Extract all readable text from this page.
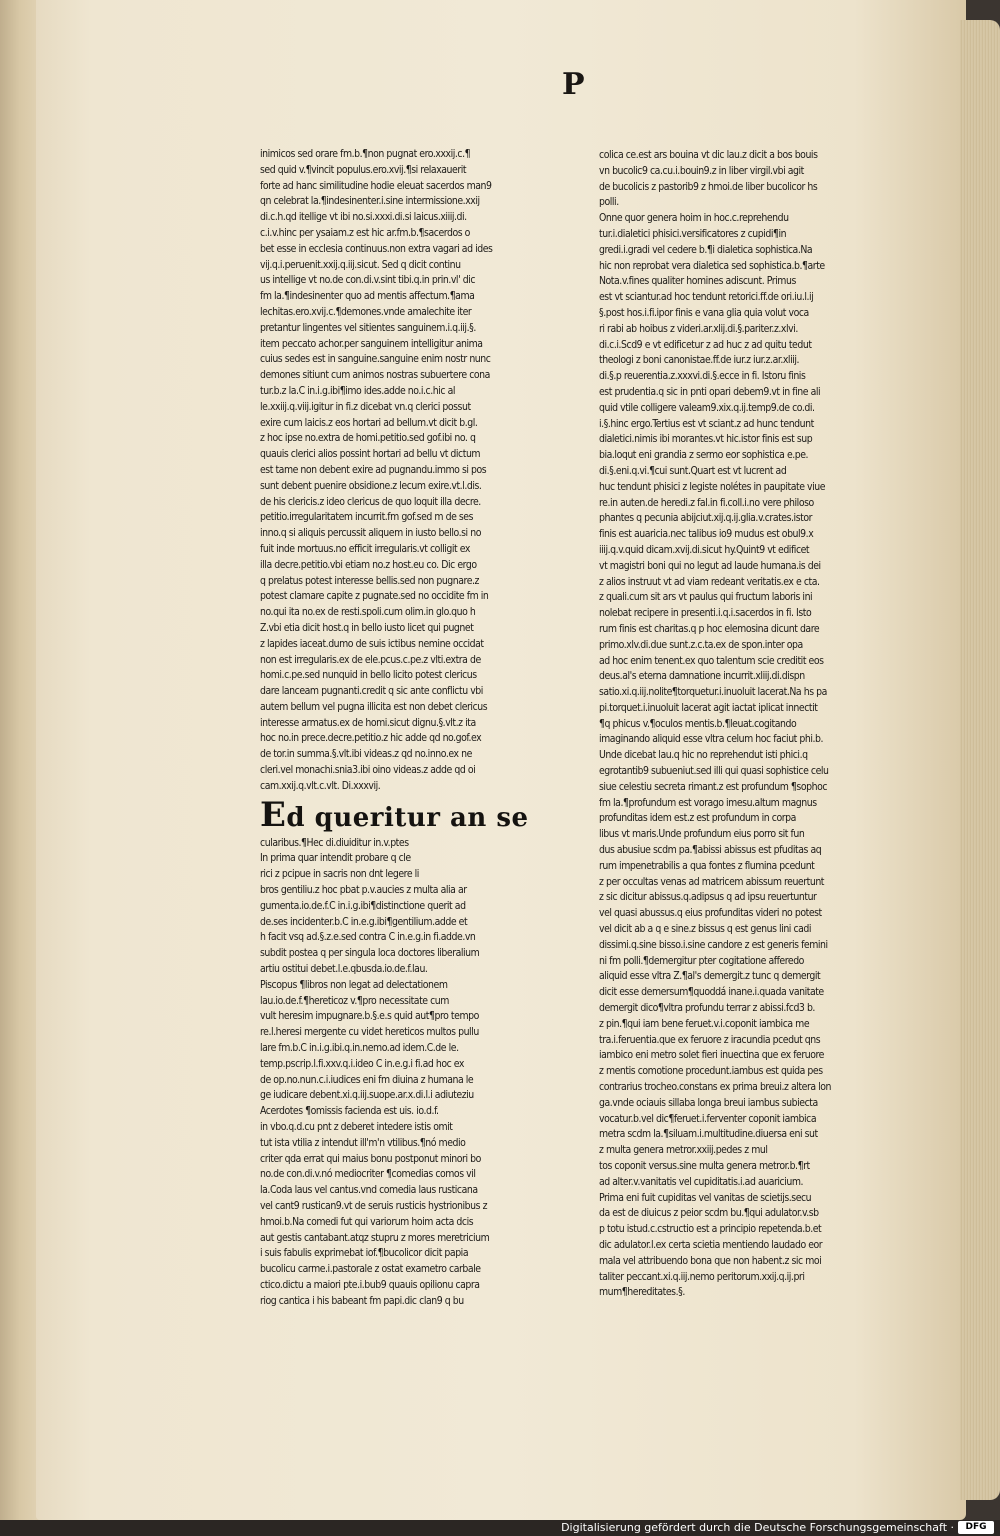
P

inimicos sed orare fm.b.¶non pugnat ero.xxxij.c.¶

sed quid v.¶vincit populus.ero.xvij.¶si relaxauerit

forte ad hanc similitudine hodie eleuat sacerdos man9

qn celebrat la.¶indesinenter.i.sine intermissione.xxij

di.c.h.qd itellige vt ibi no.si.xxxi.di.si laicus.xiiij.di.

c.i.v.hinc per ysaiam.z est hic ar.fm.b.¶sacerdos o

bet esse in ecclesia continuus.non extra vagari ad ides

vij.q.i.peruenit.xxij.q.iij.sicut. Sed q dicit continu

us intellige vt no.de con.di.v.sint tibi.q.in prin.vl' dic

fm la.¶indesinenter quo ad mentis affectum.¶ama

lechitas.ero.xvij.c.¶demones.vnde amalechite iter

pretantur lingentes vel sitientes sanguinem.i.q.iij.§.

item peccato achor.per sanguinem intelligitur anima

cuius sedes est in sanguine.sanguine enim nostr nunc

demones sitiunt cum animos nostras subuertere cona

tur.b.z la.C in.i.g.ibi¶imo ides.adde no.i.c.hic al

le.xxiij.q.viij.igitur in fi.z dicebat vn.q clerici possut

exire cum laicis.z eos hortari ad bellum.vt dicit b.gl.

z hoc ipse no.extra de homi.petitio.sed gof.ibi no. q

quauis clerici alios possint hortari ad bellu vt dictum

est tame non debent exire ad pugnandu.immo si pos

sunt debent puenire obsidione.z lecum exire.vt.l.dis.

de his clericis.z ideo clericus de quo loquit illa decre.

petitio.irregularitatem incurrit.fm gof.sed m de ses

inno.q si aliquis percussit aliquem in iusto bello.si no

fuit inde mortuus.no efficit irregularis.vt colligit ex

illa decre.petitio.vbi etiam no.z host.eu co. Dic ergo

q prelatus potest interesse bellis.sed non pugnare.z

potest clamare capite z pugnate.sed no occidite fm in

no.qui ita no.ex de resti.spoli.cum olim.in glo.quo h

Z.vbi etia dicit host.q in bello iusto licet qui pugnet

z lapides iaceat.dumo de suis ictibus nemine occidat

non est irregularis.ex de ele.pcus.c.pe.z vlti.extra de

homi.c.pe.sed nunquid in bello licito potest clericus

dare lanceam pugnanti.credit q sic ante conflictu vbi

autem bellum vel pugna illicita est non debet clericus

interesse armatus.ex de homi.sicut dignu.§.vlt.z ita

hoc no.in prece.decre.petitio.z hic adde qd no.gof.ex

de tor.in summa.§.vlt.ibi videas.z qd no.inno.ex ne

cleri.vel monachi.snia3.ibi oino videas.z adde qd oi

cam.xxij.q.vlt.c.vlt. Di.xxxvij.

Ed queritur an se

cularibus.¶Hec di.diuiditur in.v.ptes

In prima quar intendit probare q cle

rici z pcipue in sacris non dnt legere li

bros gentiliu.z hoc pbat p.v.aucies z multa alia ar

gumenta.io.de.f.C in.i.g.ibi¶distinctione querit ad

de.ses incidenter.b.C in.e.g.ibi¶gentilium.adde et

h facit vsq ad.§.z.e.sed contra C in.e.g.in fi.adde.vn

subdit postea q per singula loca doctores liberalium

artiu ostitui debet.l.e.qbusda.io.de.f.lau.

Piscopus ¶libros non legat ad delectationem

lau.io.de.f.¶hereticoz v.¶pro necessitate cum

vult heresim impugnare.b.§.e.s quid aut¶pro tempo

re.l.heresi mergente cu videt hereticos multos pullu

lare fm.b.C in.i.g.ibi.q.in.nemo.ad idem.C.de le.

temp.pscrip.l.fi.xxv.q.i.ideo C in.e.g.i fi.ad hoc ex

de op.no.nun.c.i.iudices eni fm diuina z humana le

ge iudicare debent.xi.q.iij.suope.ar.x.di.l.i adiuteziu

Acerdotes ¶omissis facienda est uis. io.d.f.

in vbo.q.d.cu pnt z deberet intedere istis omit

tut ista vtilia z intendut ill'm'n vtilibus.¶nó medio

criter qda errat qui maius bonu postponut minori bo

no.de con.di.v.nó mediocriter ¶comedias comos vil

la.Coda laus vel cantus.vnd comedia laus rusticana

vel cant9 rustican9.vt de seruis rusticis hystrionibus z

hmoi.b.Na comedi fut qui variorum hoim acta dcis

aut gestis cantabant.atqz stupru z mores meretricium

i suis fabulis exprimebat iof.¶bucolicor dicit papia

bucolicu carme.i.pastorale z ostat exametro carbale

ctico.dictu a maiori pte.i.bub9 quauis opilionu capra

riog cantica i his babeant fm papi.dic clan9 q bu

colica ce.est ars bouina vt dic lau.z dicit a bos bouis

vn bucolic9 ca.cu.i.bouin9.z in liber virgil.vbi agit

de bucolicis z pastorib9 z hmoi.de liber bucolicor hs

polli.

Onne quor genera hoim in hoc.c.reprehendu

tur.i.dialetici phisici.versificatores z cupidi¶in

gredi.i.gradi vel cedere b.¶i dialetica sophistica.Na

hic non reprobat vera dialetica sed sophistica.b.¶arte

Nota.v.fines qualiter homines adiscunt. Primus

est vt sciantur.ad hoc tendunt retorici.ff.de ori.iu.l.ij

§.post hos.i.fi.ipor finis e vana glia quia volut voca

ri rabi ab hoibus z videri.ar.xlij.di.§.pariter.z.xlvi.

di.c.i.Scd9 e vt edificetur z ad huc z ad quitu tedut

theologi z boni canonistae.ff.de iur.z iur.z.ar.xliij.

di.§.p reuerentia.z.xxxvi.di.§.ecce in fi. Istoru finis

est prudentia.q sic in pnti opari debem9.vt in fine ali

quid vtile colligere valeam9.xix.q.ij.temp9.de co.di.

i.§.hinc ergo.Tertius est vt sciant.z ad hunc tendunt

dialetici.nimis ibi morantes.vt hic.istor finis est sup

bia.loqut eni grandia z sermo eor sophistica e.pe.

di.§.eni.q.vi.¶cui sunt.Quart est vt lucrent ad

huc tendunt phisici z legiste nolétes in paupitate viue

re.in auten.de heredi.z fal.in fi.coll.i.no vere philoso

phantes q pecunia abijciut.xij.q.ij.glia.v.crates.istor

finis est auaricia.nec talibus io9 mudus est obul9.x

iiij.q.v.quid dicam.xvij.di.sicut hy.Quint9 vt edificet

vt magistri boni qui no legut ad laude humana.is dei

z alios instruut vt ad viam redeant veritatis.ex e cta.

z quali.cum sit ars vt paulus qui fructum laboris ini

nolebat recipere in presenti.i.q.i.sacerdos in fi. Isto

rum finis est charitas.q p hoc elemosina dicunt dare

primo.xlv.di.due sunt.z.c.ta.ex de spon.inter opa

ad hoc enim tenent.ex quo talentum scie creditit eos

deus.al's eterna damnatione incurrit.xliij.di.dispn

satio.xi.q.iij.nolite¶torquetur.i.inuoluit lacerat.Na hs pa

pi.torquet.i.inuoluit lacerat agit iactat iplicat innectit

¶q phicus v.¶oculos mentis.b.¶leuat.cogitando

imaginando aliquid esse vltra celum hoc faciut phi.b.

Unde dicebat lau.q hic no reprehendut isti phici.q

egrotantib9 subueniut.sed illi qui quasi sophistice celu

siue celestiu secreta rimant.z est profundum ¶sophoc

fm la.¶profundum est vorago imesu.altum magnus

profunditas idem est.z est profundum in corpa

libus vt maris.Unde profundum eius porro sit fun

dus abusiue scdm pa.¶abissi abissus est pfuditas aq

rum impenetrabilis a qua fontes z flumina pcedunt

z per occultas venas ad matricem abissum reuertunt

z sic dicitur abissus.q.adipsus q ad ipsu reuertuntur

vel quasi abussus.q eius profunditas videri no potest

vel dicit ab a q e sine.z bissus q est genus lini cadi

dissimi.q.sine bisso.i.sine candore z est generis femini

ni fm polli.¶demergitur pter cogitatione afferedo

aliquid esse vltra Z.¶al's demergit.z tunc q demergit

dicit esse demersum¶quoddá inane.i.quada vanitate

demergit dico¶vltra profundu terrar z abissi.fcd3 b.

z pin.¶qui iam bene feruet.v.i.coponit iambica me

tra.i.feruentia.que ex feruore z iracundia pcedut qns

iambico eni metro solet fieri inuectina que ex feruore

z mentis comotione procedunt.iambus est quida pes

contrarius trocheo.constans ex prima breui.z altera lon

ga.vnde ociauis sillaba longa breui iambus subiecta

vocatur.b.vel dic¶feruet.i.ferventer coponit iambica

metra scdm la.¶siluam.i.multitudine.diuersa eni sut

z multa genera metror.xxiij.pedes z mul

tos coponit versus.sine multa genera metror.b.¶rt

ad alter.v.vanitatis vel cupiditatis.i.ad auaricium.

Prima eni fuit cupiditas vel vanitas de scietijs.secu

da est de diuicus z peior scdm bu.¶qui adulator.v.sb

p totu istud.c.cstructio est a principio repetenda.b.et

dic adulator.l.ex certa scietia mentiendo laudado eor

mala vel attribuendo bona que non habent.z sic moi

taliter peccant.xi.q.iij.nemo peritorum.xxij.q.ij.pri

mum¶hereditates.§.

Digitalisierung gefördert durch die Deutsche Forschungsgemeinschaft ·	DFG
